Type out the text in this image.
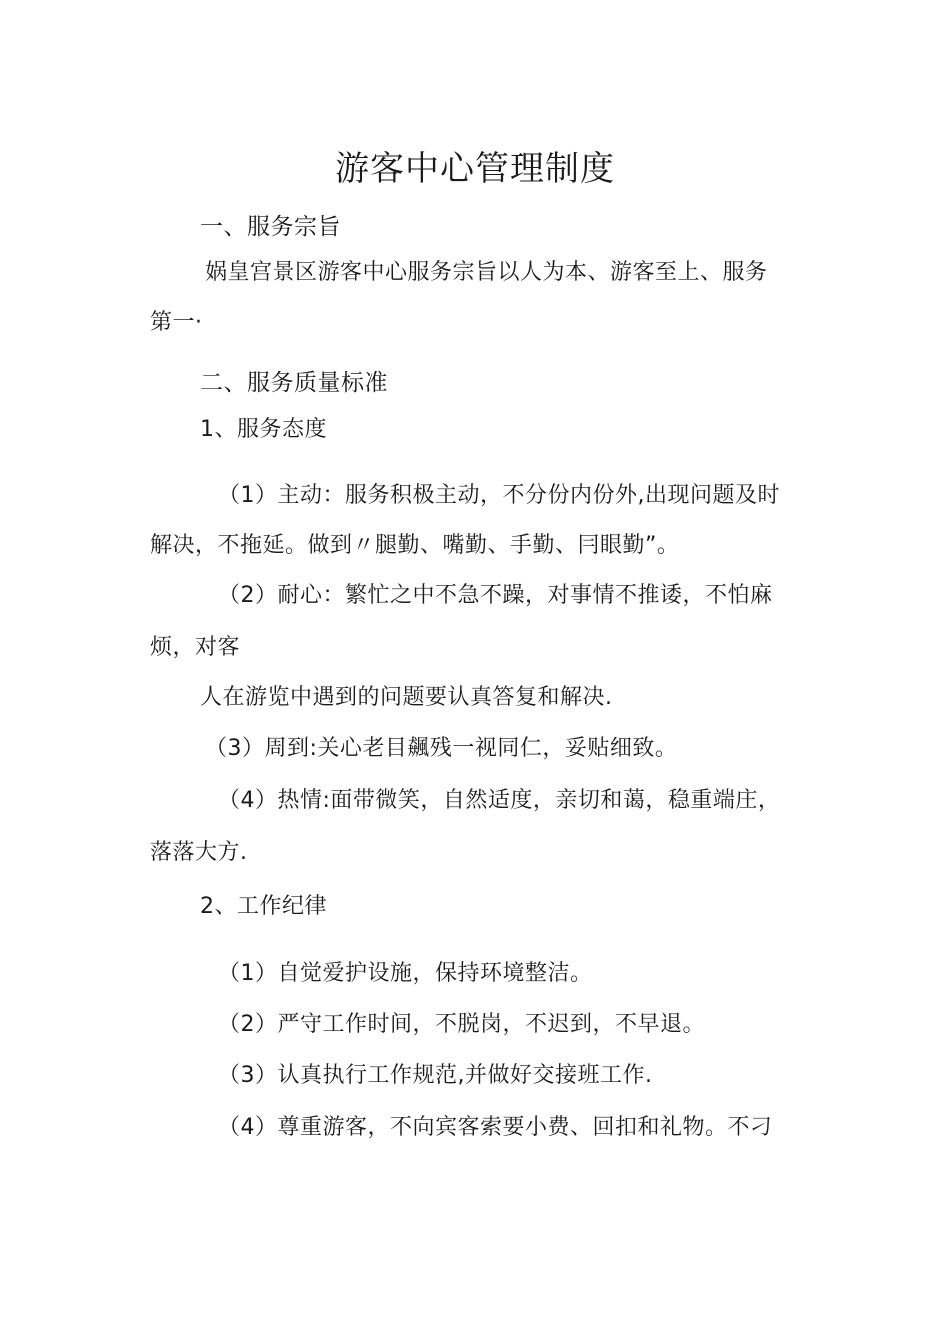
游客中心管理制度
一、服务宗旨
娲皇宫景区游客中心服务宗旨以人为本、游客至上、服务
第一·
二、服务质量标准
1、服务态度
（1）主动：服务积极主动，不分份内份外,出现问题及时
解决，不拖延。做到〃腿勤、嘴勤、手勤、冃眼勤”。
（2）耐心：繁忙之中不急不躁，对事情不推诿，不怕麻
烦，对客
人在游览中遇到的问题要认真答复和解决.
（3）周到:关心老目飆残一视同仁，妥贴细致。
（4）热情:面带微笑，自然适度，亲切和蔼，稳重端庄，
落落大方.
2、工作纪律
（1）自觉爱护设施，保持环境整洁。
（2）严守工作时间，不脱岗，不迟到，不早退。
（3）认真执行工作规范,并做好交接班工作.
（4）尊重游客，不向宾客索要小费、回扣和礼物。不刁
